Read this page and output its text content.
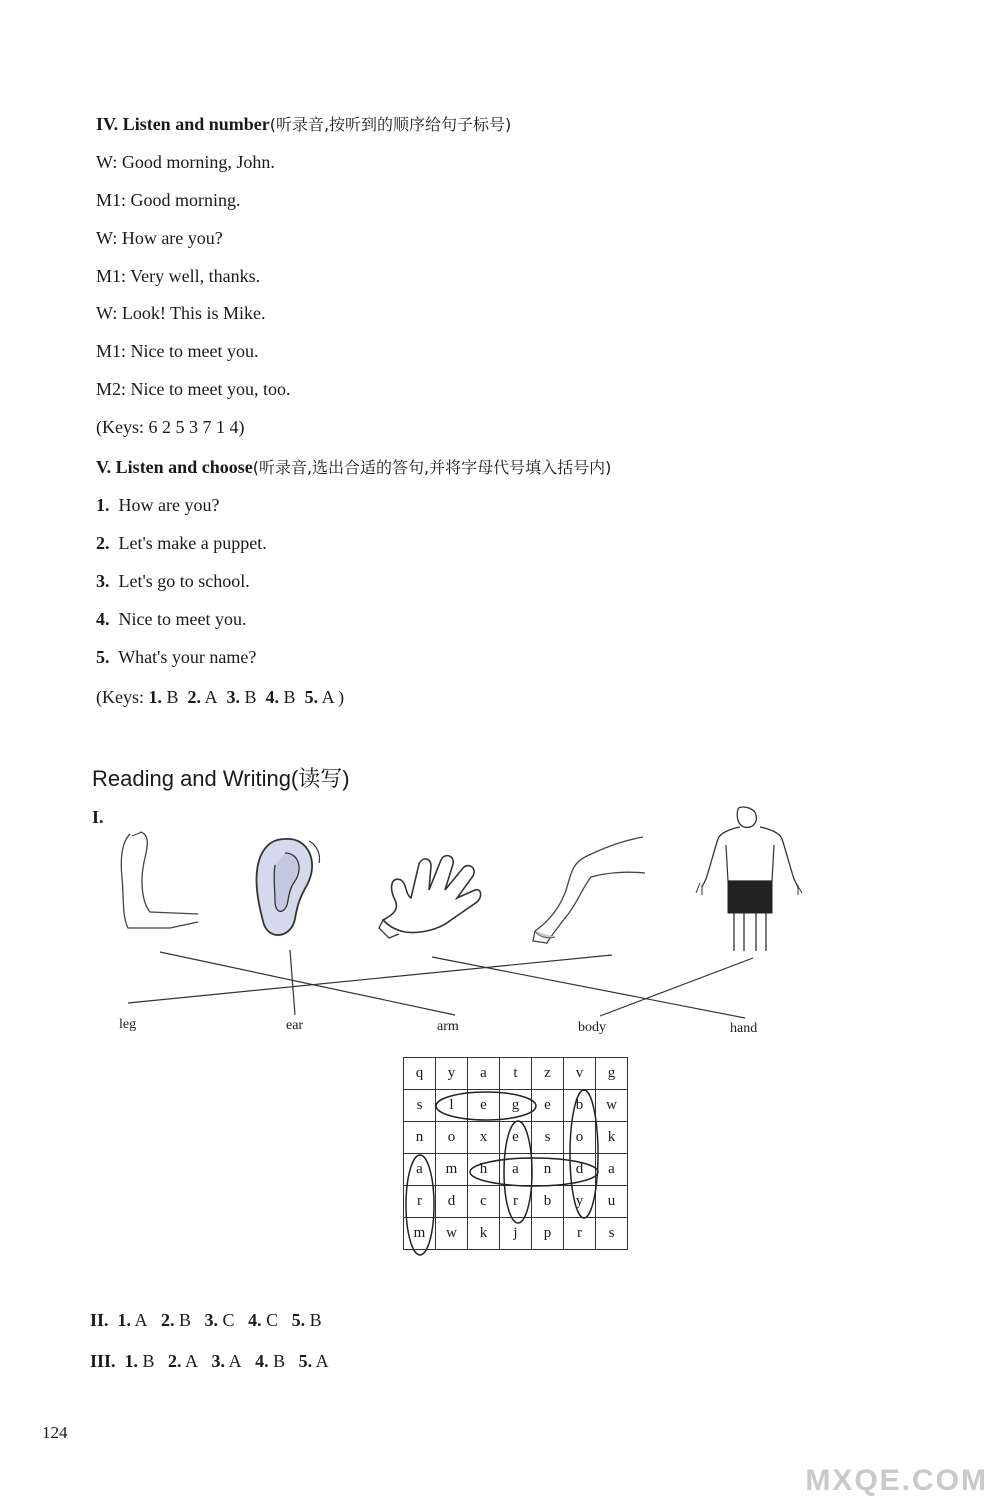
IV. Listen and number(听录音,按听到的顺序给句子标号)
W: Good morning, John.
M1: Good morning.
W: How are you?
M1: Very well, thanks.
W: Look! This is Mike.
M1: Nice to meet you.
M2: Nice to meet you, too.
(Keys: 6 2 5 3 7 1 4)
V. Listen and choose(听录音,选出合适的答句,并将字母代号填入括号内)
1. How are you?
2. Let's make a puppet.
3. Let's go to school.
4. Nice to meet you.
5. What's your name?
(Keys: 1. B 2. A 3. B 4. B 5. A )
Reading and Writing(读写)
I.
leg	ear	arm	body	hand
q	y	a	t	z	v	g
s	l	e	g	e	b	w
n	o	x	e	s	o	k
a	m	h	a	n	d	a
r	d	c	r	b	y	u
m	w	k	j	p	r	s
II. 1. A 2. B 3. C 4. C 5. B
III. 1. B 2. A 3. A 4. B 5. A
124
MXQE.COM
